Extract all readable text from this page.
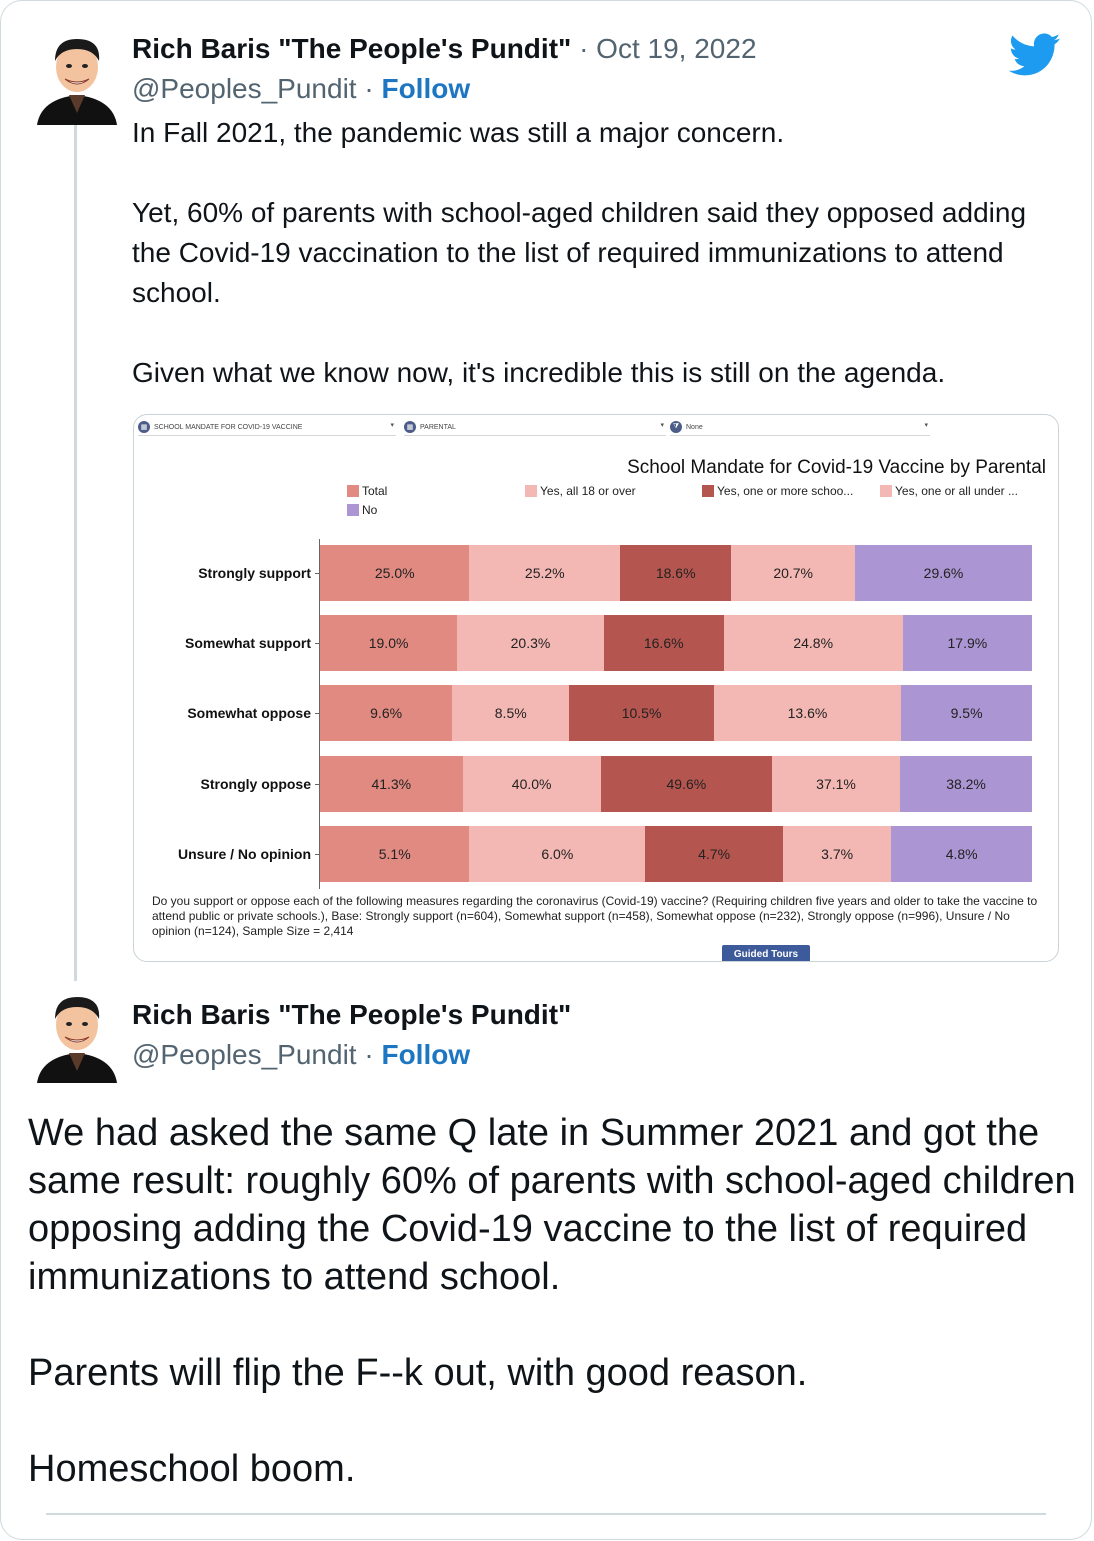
Rich Baris "The People's Pundit" · Oct 19, 2022
@Peoples_Pundit · Follow

In Fall 2021, the pandemic was still a major concern.

Yet, 60% of parents with school-aged children said they opposed adding the Covid-19 vaccination to the list of required immunizations to attend school.

Given what we know now, it's incredible this is still on the agenda.

▦ SCHOOL MANDATE FOR COVID-19 VACCINE	▾	▦ PARENTAL	▾	⧩ None	▾
School Mandate for Covid-19 Vaccine by Parental
Total
No
Yes, all 18 or over	Yes, one or more schoo...	Yes, one or all under ...
Do you support or oppose each of the following measures regarding the coronavirus (Covid-19) vaccine? (Requiring children five years and older to take the vaccine to attend public or private schools.), Base: Strongly support (n=604), Somewhat support (n=458), Somewhat oppose (n=232), Strongly oppose (n=996), Unsure / No opinion (n=124), Sample Size = 2,414
Guided Tours
Strongly support	25.0%	25.2%	18.6%	20.7%	29.6%
Somewhat support	19.0%	20.3%	16.6%	24.8%	17.9%
Somewhat oppose	9.6%	8.5%	10.5%	13.6%	9.5%
Strongly oppose	41.3%	40.0%	49.6%	37.1%	38.2%
Unsure / No opinion	5.1%	6.0%	4.7%	3.7%	4.8%
Rich Baris "The People's Pundit"
@Peoples_Pundit · Follow

We had asked the same Q late in Summer 2021 and got the same result: roughly 60% of parents with school-aged children opposing adding the Covid-19 vaccine to the list of required immunizations to attend school.

Parents will flip the F--k out, with good reason.

Homeschool boom.
